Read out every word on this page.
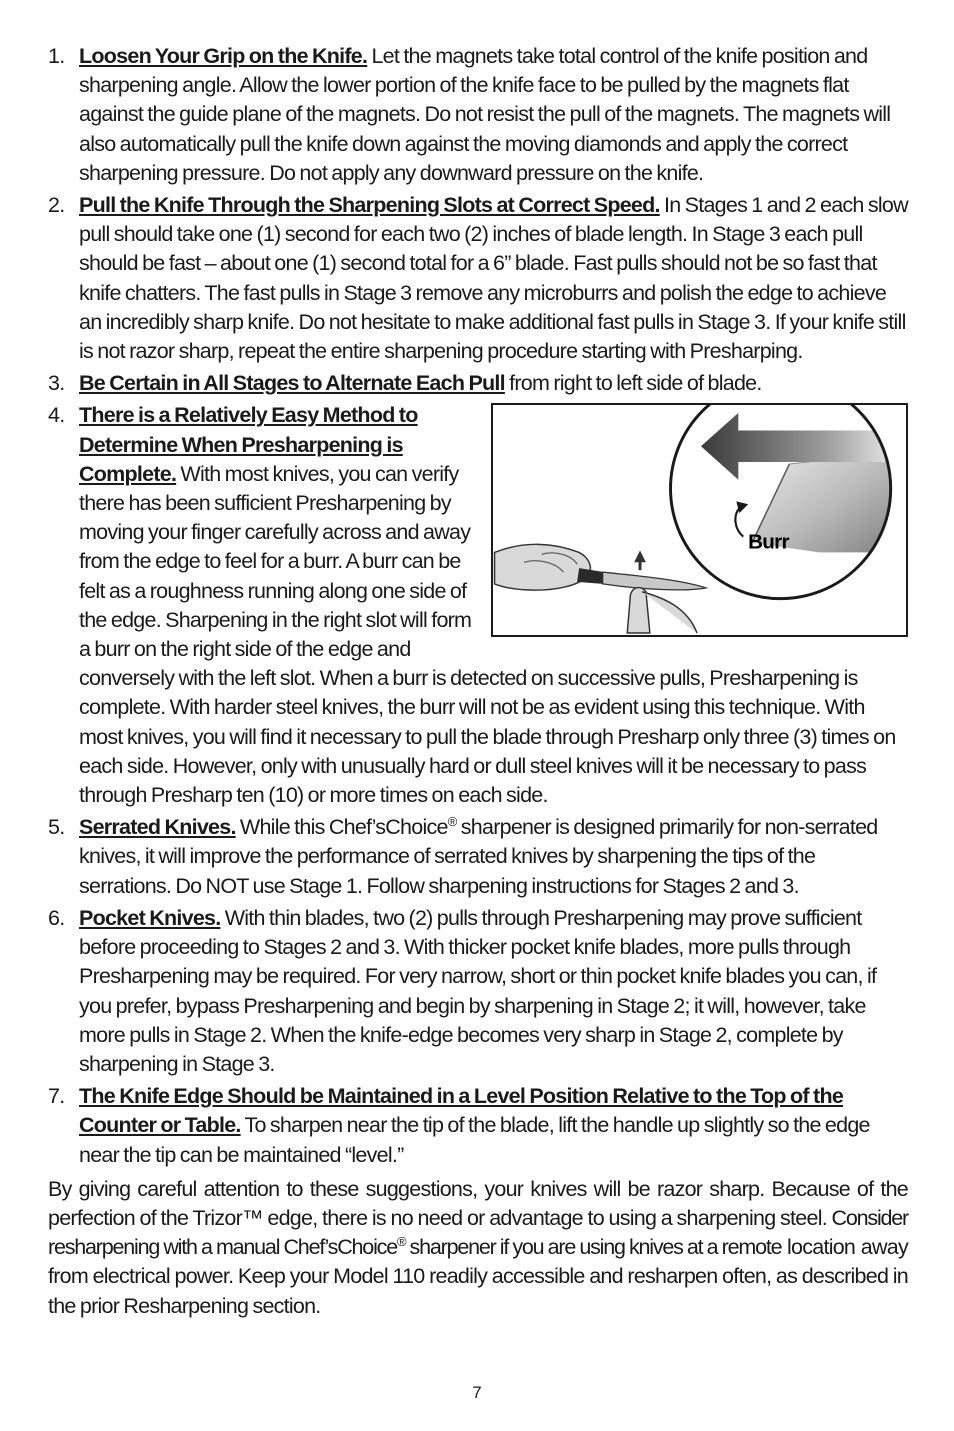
1. Loosen Your Grip on the Knife. Let the magnets take total control of the knife position and sharpening angle. Allow the lower portion of the knife face to be pulled by the magnets flat against the guide plane of the magnets. Do not resist the pull of the magnets. The magnets will also automatically pull the knife down against the moving diamonds and apply the correct sharpening pressure. Do not apply any downward pressure on the knife.
2. Pull the Knife Through the Sharpening Slots at Correct Speed. In Stages 1 and 2 each slow pull should take one (1) second for each two (2) inches of blade length. In Stage 3 each pull should be fast – about one (1) second total for a 6” blade. Fast pulls should not be so fast that knife chatters. The fast pulls in Stage 3 remove any microburrs and polish the edge to achieve an incredibly sharp knife. Do not hesitate to make additional fast pulls in Stage 3. If your knife still is not razor sharp, repeat the entire sharpening procedure starting with Presharping.
3. Be Certain in All Stages to Alternate Each Pull from right to left side of blade.
4.
Burr
There is a Relatively Easy Method to Determine When Presharpening is Complete. With most knives, you can verify there has been sufficient Presharpening by moving your finger carefully across and away from the edge to feel for a burr. A burr can be felt as a roughness running along one side of the edge. Sharpening in the right slot will form a burr on the right side of the edge and conversely with the left slot. When a burr is detected on successive pulls, Presharpening is complete. With harder steel knives, the burr will not be as evident using this technique. With most knives, you will find it necessary to pull the blade through Presharp only three (3) times on each side. However, only with unusually hard or dull steel knives will it be necessary to pass through Presharp ten (10) or more times on each side.
5. Serrated Knives. While this Chef’sChoice® sharpener is designed primarily for non-serrated knives, it will improve the performance of serrated knives by sharpening the tips of the serrations. Do NOT use Stage 1. Follow sharpening instructions for Stages 2 and 3.
6. Pocket Knives. With thin blades, two (2) pulls through Presharpening may prove sufficient before proceeding to Stages 2 and 3. With thicker pocket knife blades, more pulls through Presharpening may be required. For very narrow, short or thin pocket knife blades you can, if you prefer, bypass Presharpening and begin by sharpening in Stage 2; it will, however, take more pulls in Stage 2. When the knife-edge becomes very sharp in Stage 2, complete by sharpening in Stage 3.
7. The Knife Edge Should be Maintained in a Level Position Relative to the Top of the Counter or Table. To sharpen near the tip of the blade, lift the handle up slightly so the edge near the tip can be maintained “level.”

By giving careful attention to these suggestions, your knives will be razor sharp. Because of the perfection of the Trizor™ edge, there is no need or advantage to using a sharpening steel. Consider resharpening with a manual Chef’sChoice® sharpener if you are using knives at a remote location away from electrical power. Keep your Model 110 readily accessible and resharpen often, as described in the prior Resharpening section.

7
